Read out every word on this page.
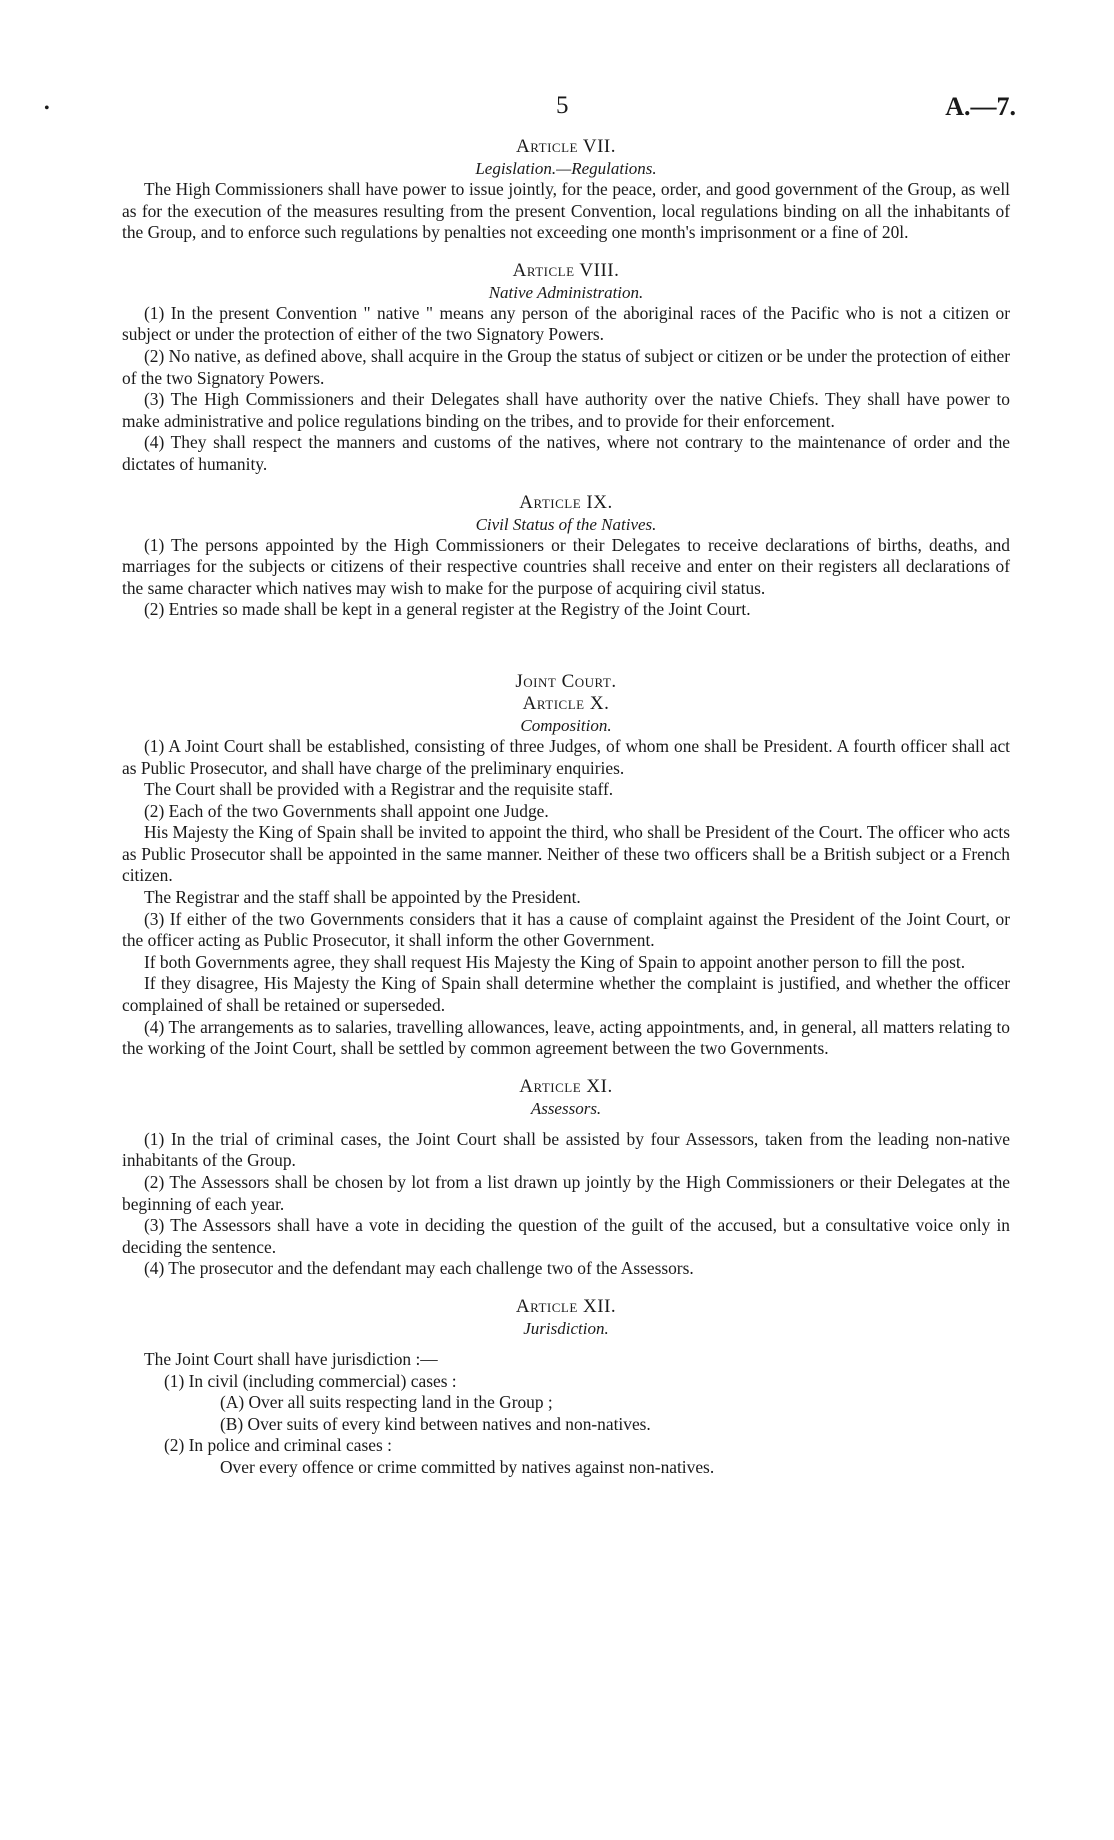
•	5	A.—7.
Article VII.
Legislation.—Regulations.

The High Commissioners shall have power to issue jointly, for the peace, order, and good government of the Group, as well as for the execution of the measures resulting from the present Convention, local regulations binding on all the inhabitants of the Group, and to enforce such regulations by penalties not exceeding one month's imprisonment or a fine of 20l.

Article VIII.
Native Administration.

(1) In the present Convention " native " means any person of the aboriginal races of the Pacific who is not a citizen or subject or under the protection of either of the two Signatory Powers.

(2) No native, as defined above, shall acquire in the Group the status of subject or citizen or be under the protection of either of the two Signatory Powers.

(3) The High Commissioners and their Delegates shall have authority over the native Chiefs. They shall have power to make administrative and police regulations binding on the tribes, and to provide for their enforcement.

(4) They shall respect the manners and customs of the natives, where not contrary to the maintenance of order and the dictates of humanity.

Article IX.
Civil Status of the Natives.

(1) The persons appointed by the High Commissioners or their Delegates to receive declarations of births, deaths, and marriages for the subjects or citizens of their respective countries shall receive and enter on their registers all declarations of the same character which natives may wish to make for the purpose of acquiring civil status.

(2) Entries so made shall be kept in a general register at the Registry of the Joint Court.

Joint Court.
Article X.
Composition.

(1) A Joint Court shall be established, consisting of three Judges, of whom one shall be President. A fourth officer shall act as Public Prosecutor, and shall have charge of the preliminary enquiries.

The Court shall be provided with a Registrar and the requisite staff.

(2) Each of the two Governments shall appoint one Judge.

His Majesty the King of Spain shall be invited to appoint the third, who shall be President of the Court. The officer who acts as Public Prosecutor shall be appointed in the same manner. Neither of these two officers shall be a British subject or a French citizen.

The Registrar and the staff shall be appointed by the President.

(3) If either of the two Governments considers that it has a cause of complaint against the President of the Joint Court, or the officer acting as Public Prosecutor, it shall inform the other Government.

If both Governments agree, they shall request His Majesty the King of Spain to appoint another person to fill the post.

If they disagree, His Majesty the King of Spain shall determine whether the complaint is justified, and whether the officer complained of shall be retained or superseded.

(4) The arrangements as to salaries, travelling allowances, leave, acting appointments, and, in general, all matters relating to the working of the Joint Court, shall be settled by common agreement between the two Governments.

Article XI.
Assessors.

(1) In the trial of criminal cases, the Joint Court shall be assisted by four Assessors, taken from the leading non-native inhabitants of the Group.

(2) The Assessors shall be chosen by lot from a list drawn up jointly by the High Commissioners or their Delegates at the beginning of each year.

(3) The Assessors shall have a vote in deciding the question of the guilt of the accused, but a consultative voice only in deciding the sentence.

(4) The prosecutor and the defendant may each challenge two of the Assessors.

Article XII.
Jurisdiction.

The Joint Court shall have jurisdiction :—

(1) In civil (including commercial) cases :

(A) Over all suits respecting land in the Group ;

(B) Over suits of every kind between natives and non-natives.

(2) In police and criminal cases :

Over every offence or crime committed by natives against non-natives.
